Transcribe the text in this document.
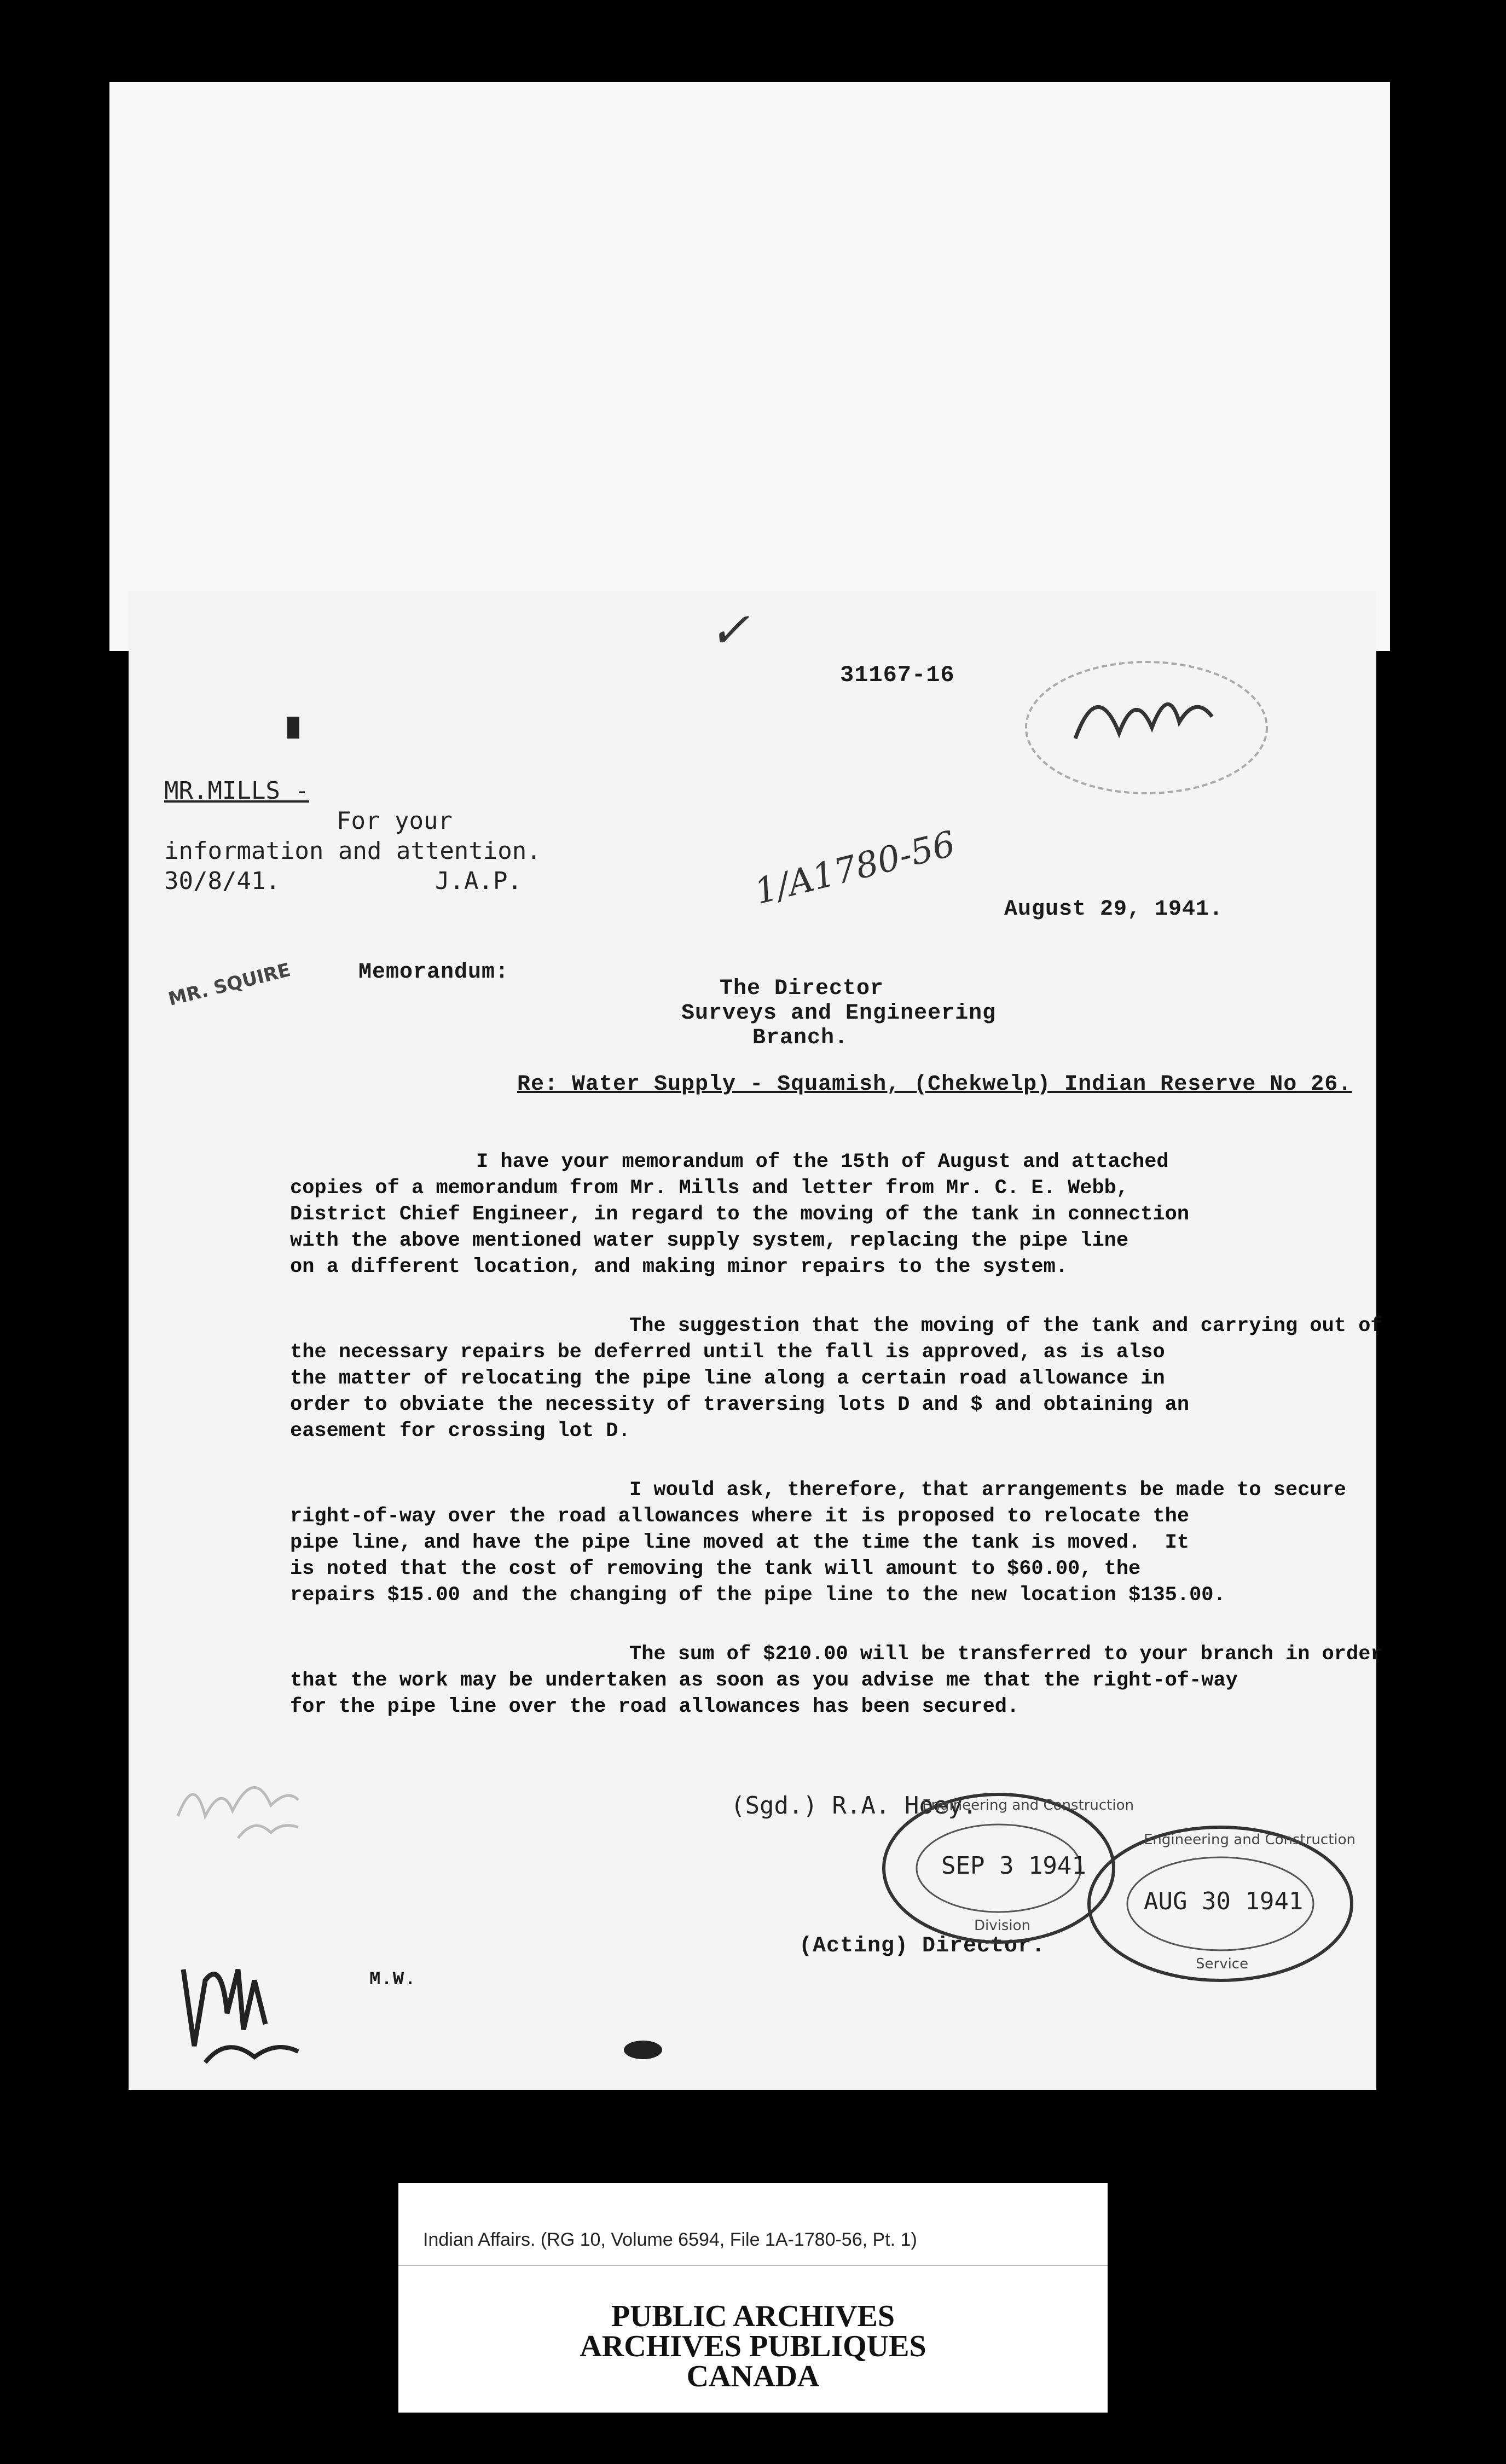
✓
31167-16
MR.MILLS -
For your
information and attention.
30/8/41.	J.A.P.	1/A1780-56 August 29, 1941.
MR. SQUIRE	Memorandum:
The Director
Surveys and Engineering
Branch.
Re: Water Supply - Squamish, (Chekwelp) Indian Reserve No 26.
I have your memorandum of the 15th of August and attached
copies of a memorandum from Mr. Mills and letter from Mr. C. E. Webb,
District Chief Engineer, in regard to the moving of the tank in connection
with the above mentioned water supply system, replacing the pipe line
on a different location, and making minor repairs to the system.
The suggestion that the moving of the tank and carrying out of
the necessary repairs be deferred until the fall is approved, as is also
the matter of relocating the pipe line along a certain road allowance in
order to obviate the necessity of traversing lots D and $ and obtaining an
easement for crossing lot D.
I would ask, therefore, that arrangements be made to secure
right-of-way over the road allowances where it is proposed to relocate the
pipe line, and have the pipe line moved at the time the tank is moved.  It
is noted that the cost of removing the tank will amount to $60.00, the
repairs $15.00 and the changing of the pipe line to the new location $135.00.
The sum of $210.00 will be transferred to your branch in order
that the work may be undertaken as soon as you advise me that the right-of-way
for the pipe line over the road allowances has been secured.
(Sgd.) R.A. Hoey.
(Acting) Director.

Engineering and Construction

SEP 3 1941

Division

Engineering and Construction

AUG 30 1941

Service

M.W.
Indian Affairs. (RG 10, Volume 6594, File 1A-1780-56, Pt. 1)
PUBLIC ARCHIVES
ARCHIVES PUBLIQUES
CANADA
